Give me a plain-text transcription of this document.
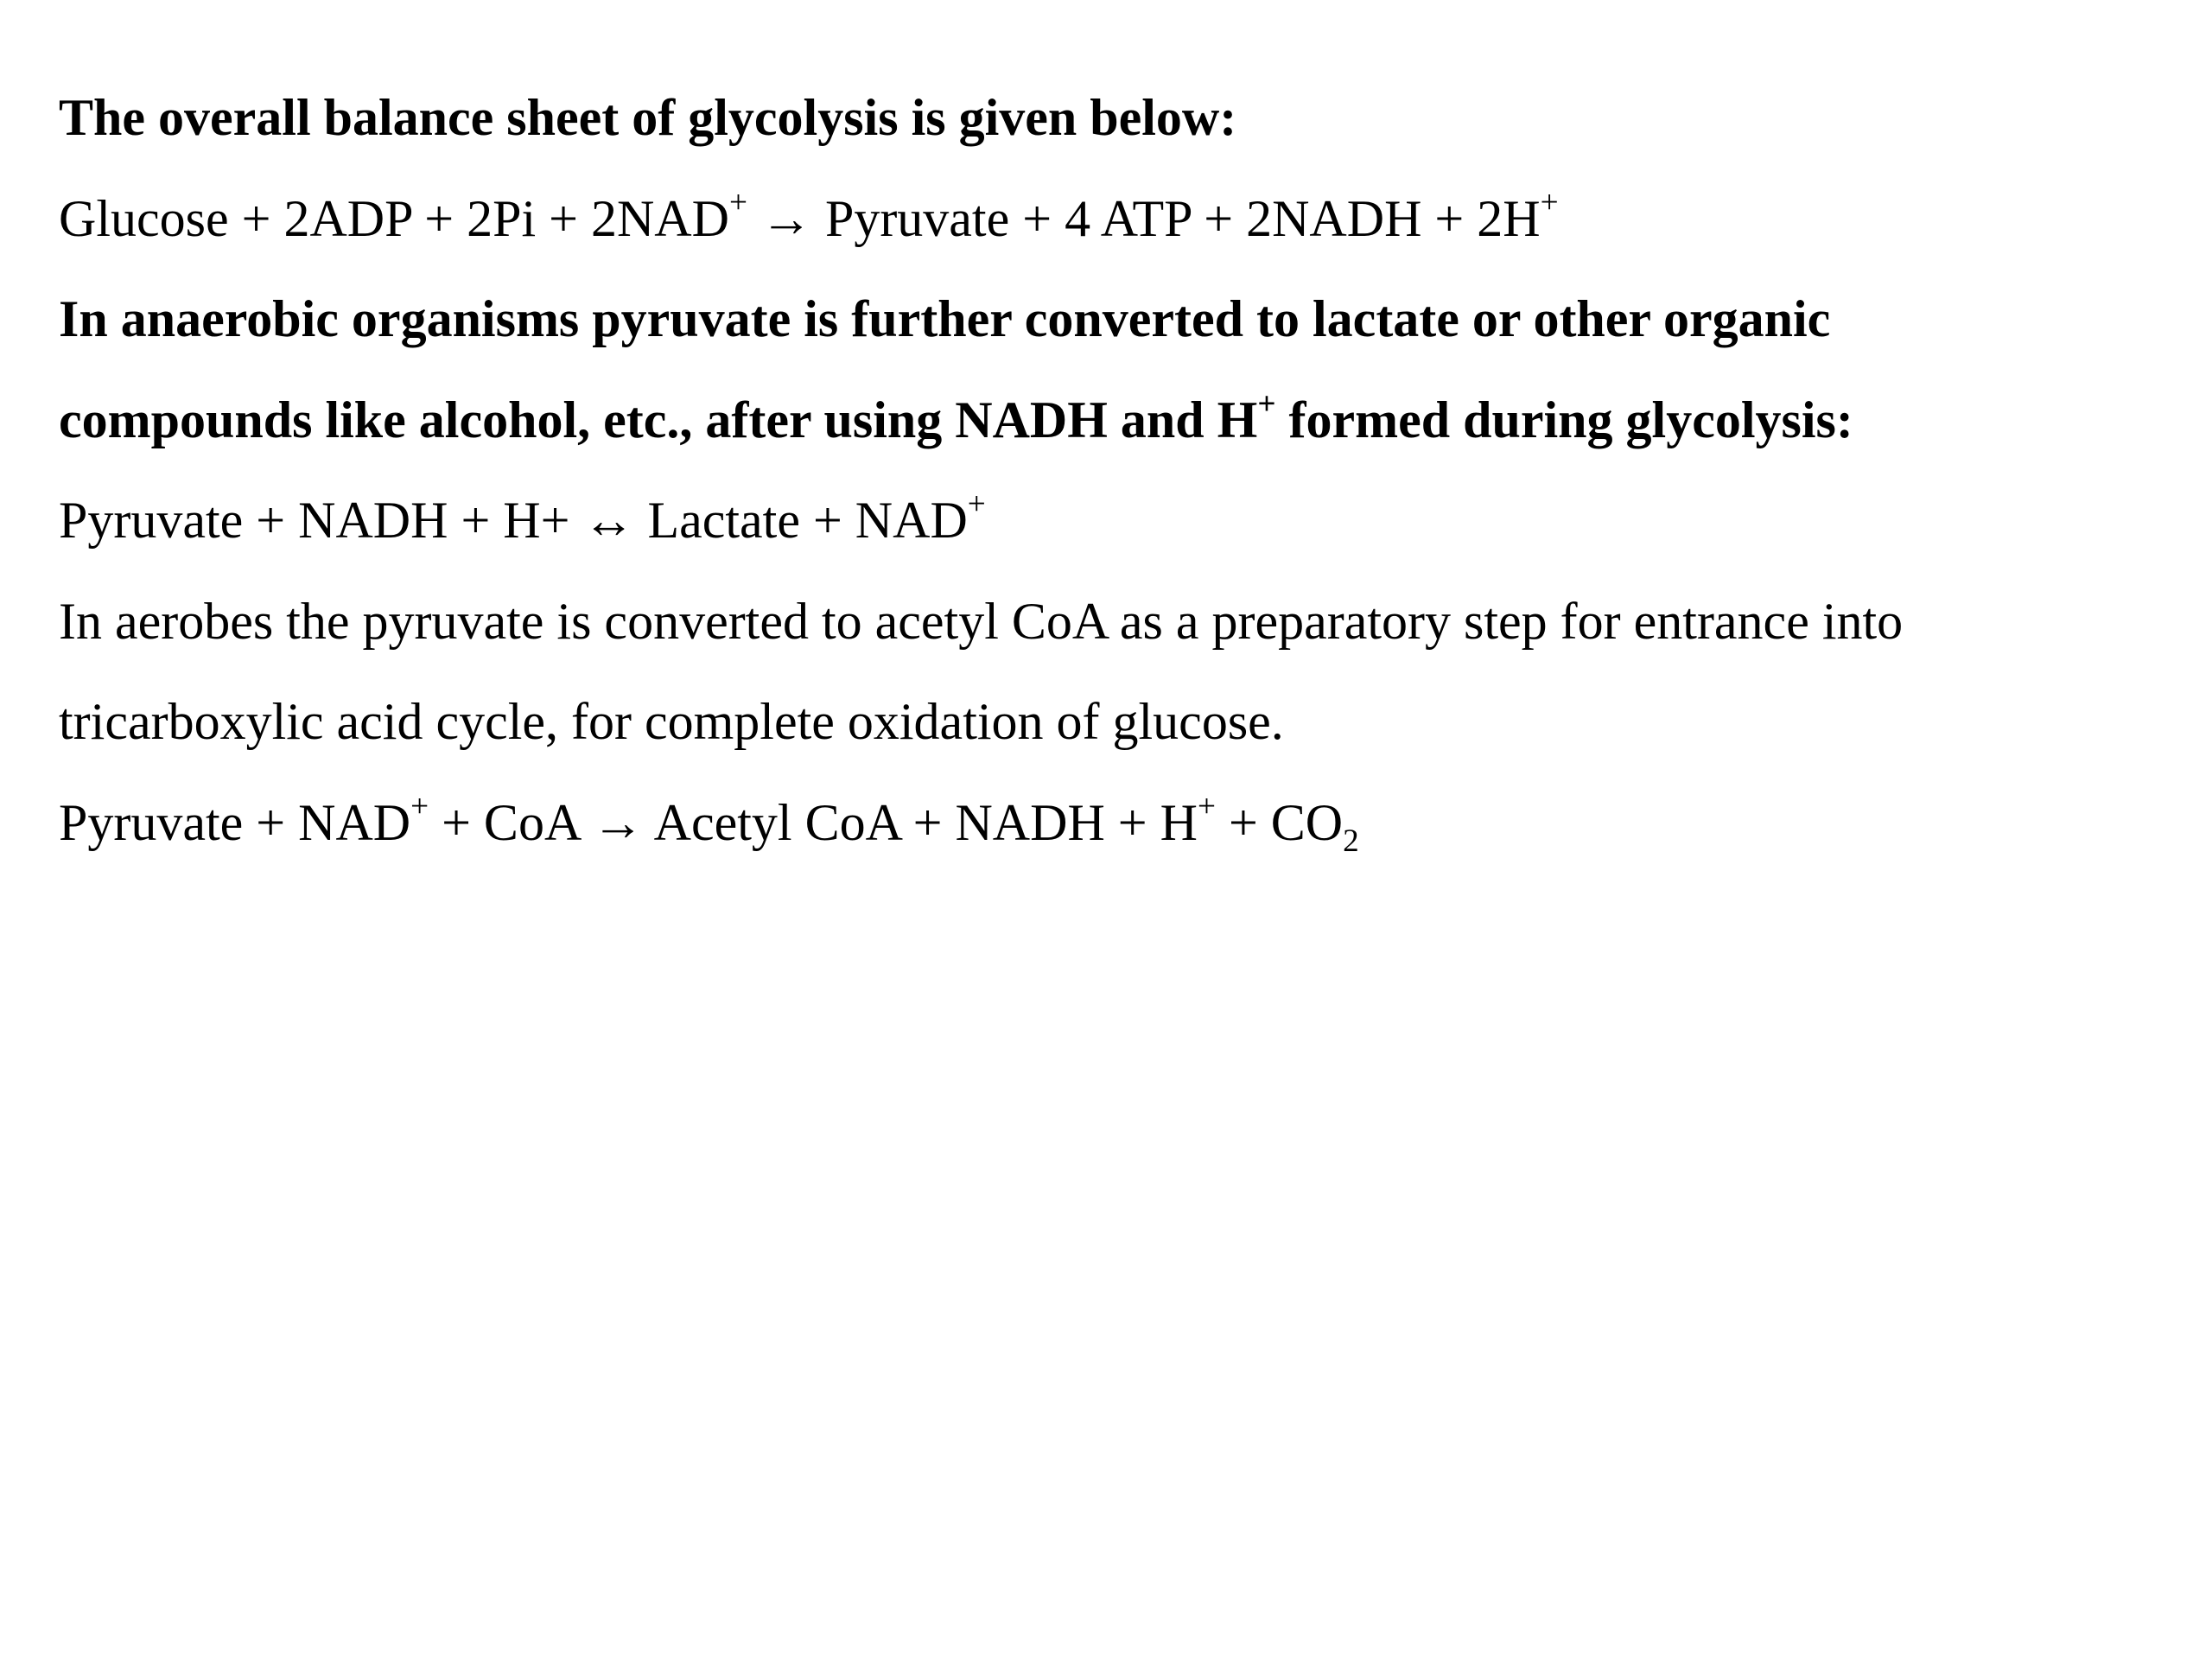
The overall balance sheet of glycolysis is given below:

Glucose + 2ADP + 2Pi + 2NAD+ → Pyruvate + 4 ATP + 2NADH + 2H+

In anaerobic organisms pyruvate is further converted to lactate or other organic

compounds like alcohol, etc., after using NADH and H+ formed during glycolysis:

Pyruvate + NADH + H+ ↔ Lactate + NAD+

In aerobes the pyruvate is converted to acetyl CoA as a preparatory step for entrance into

tricarboxylic acid cycle, for complete oxidation of glucose.

Pyruvate + NAD+ + CoA → Acetyl CoA + NADH + $H^+ + CO_2$
